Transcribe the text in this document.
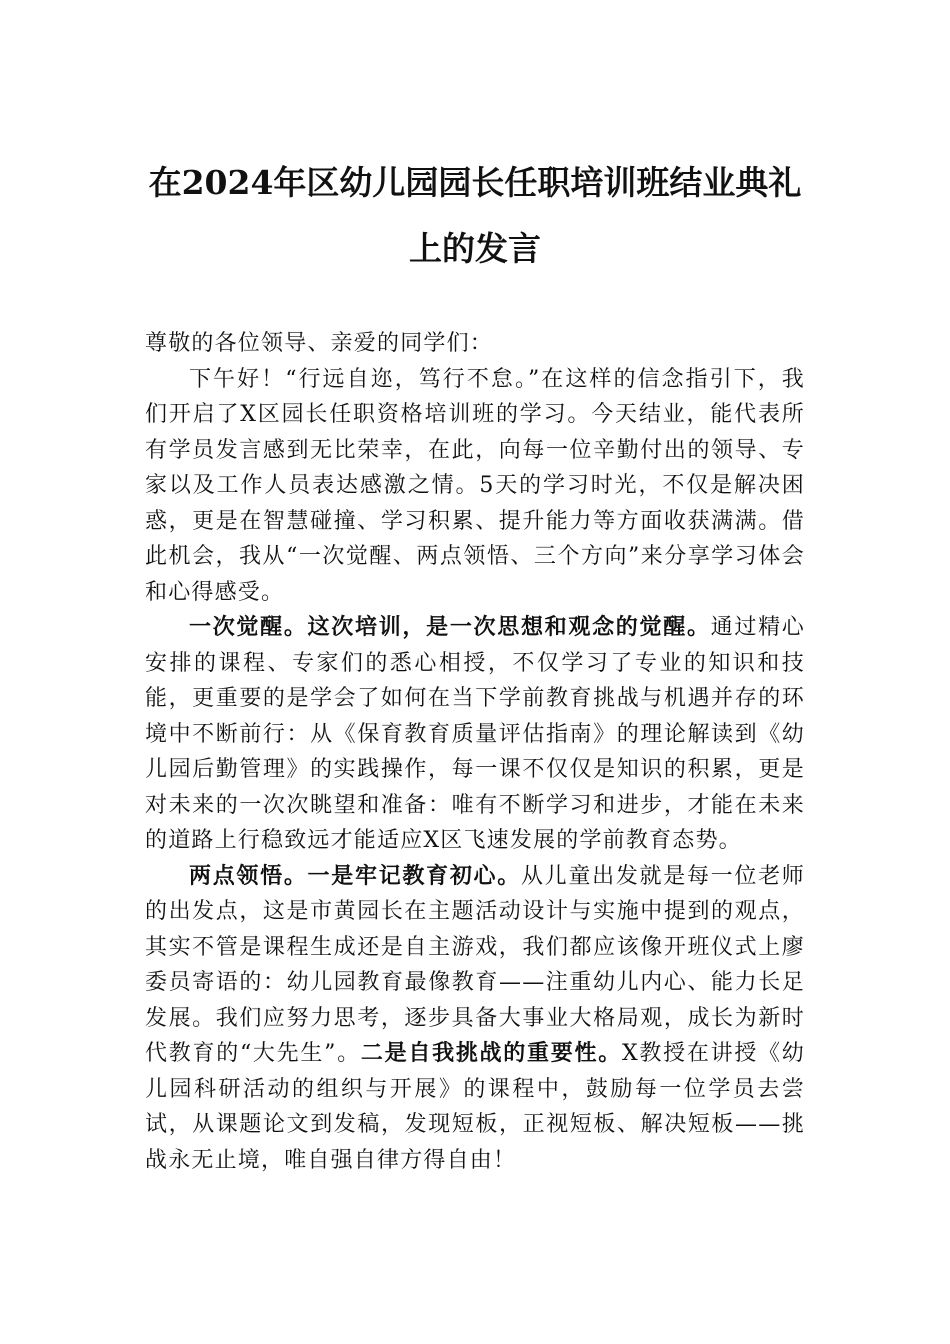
在2024年区幼儿园园长任职培训班结业典礼上的发言

尊敬的各位领导、亲爱的同学们：

下午好！“行远自迩，笃行不怠。”在这样的信念指引下，我们开启了X区园长任职资格培训班的学习。今天结业，能代表所有学员发言感到无比荣幸，在此，向每一位辛勤付出的领导、专家以及工作人员表达感激之情。5天的学习时光，不仅是解决困惑，更是在智慧碰撞、学习积累、提升能力等方面收获满满。借此机会，我从“一次觉醒、两点领悟、三个方向”来分享学习体会和心得感受。

一次觉醒。这次培训，是一次思想和观念的觉醒。通过精心安排的课程、专家们的悉心相授，不仅学习了专业的知识和技能，更重要的是学会了如何在当下学前教育挑战与机遇并存的环境中不断前行：从《保育教育质量评估指南》的理论解读到《幼儿园后勤管理》的实践操作，每一课不仅仅是知识的积累，更是对未来的一次次眺望和准备：唯有不断学习和进步，才能在未来的道路上行稳致远才能适应X区飞速发展的学前教育态势。

两点领悟。一是牢记教育初心。从儿童出发就是每一位老师的出发点，这是市黄园长在主题活动设计与实施中提到的观点，其实不管是课程生成还是自主游戏，我们都应该像开班仪式上廖委员寄语的：幼儿园教育最像教育——注重幼儿内心、能力长足发展。我们应努力思考，逐步具备大事业大格局观，成长为新时代教育的“大先生”。二是自我挑战的重要性。X教授在讲授《幼儿园科研活动的组织与开展》的课程中，鼓励每一位学员去尝试，从课题论文到发稿，发现短板，正视短板、解决短板——挑战永无止境，唯自强自律方得自由！
